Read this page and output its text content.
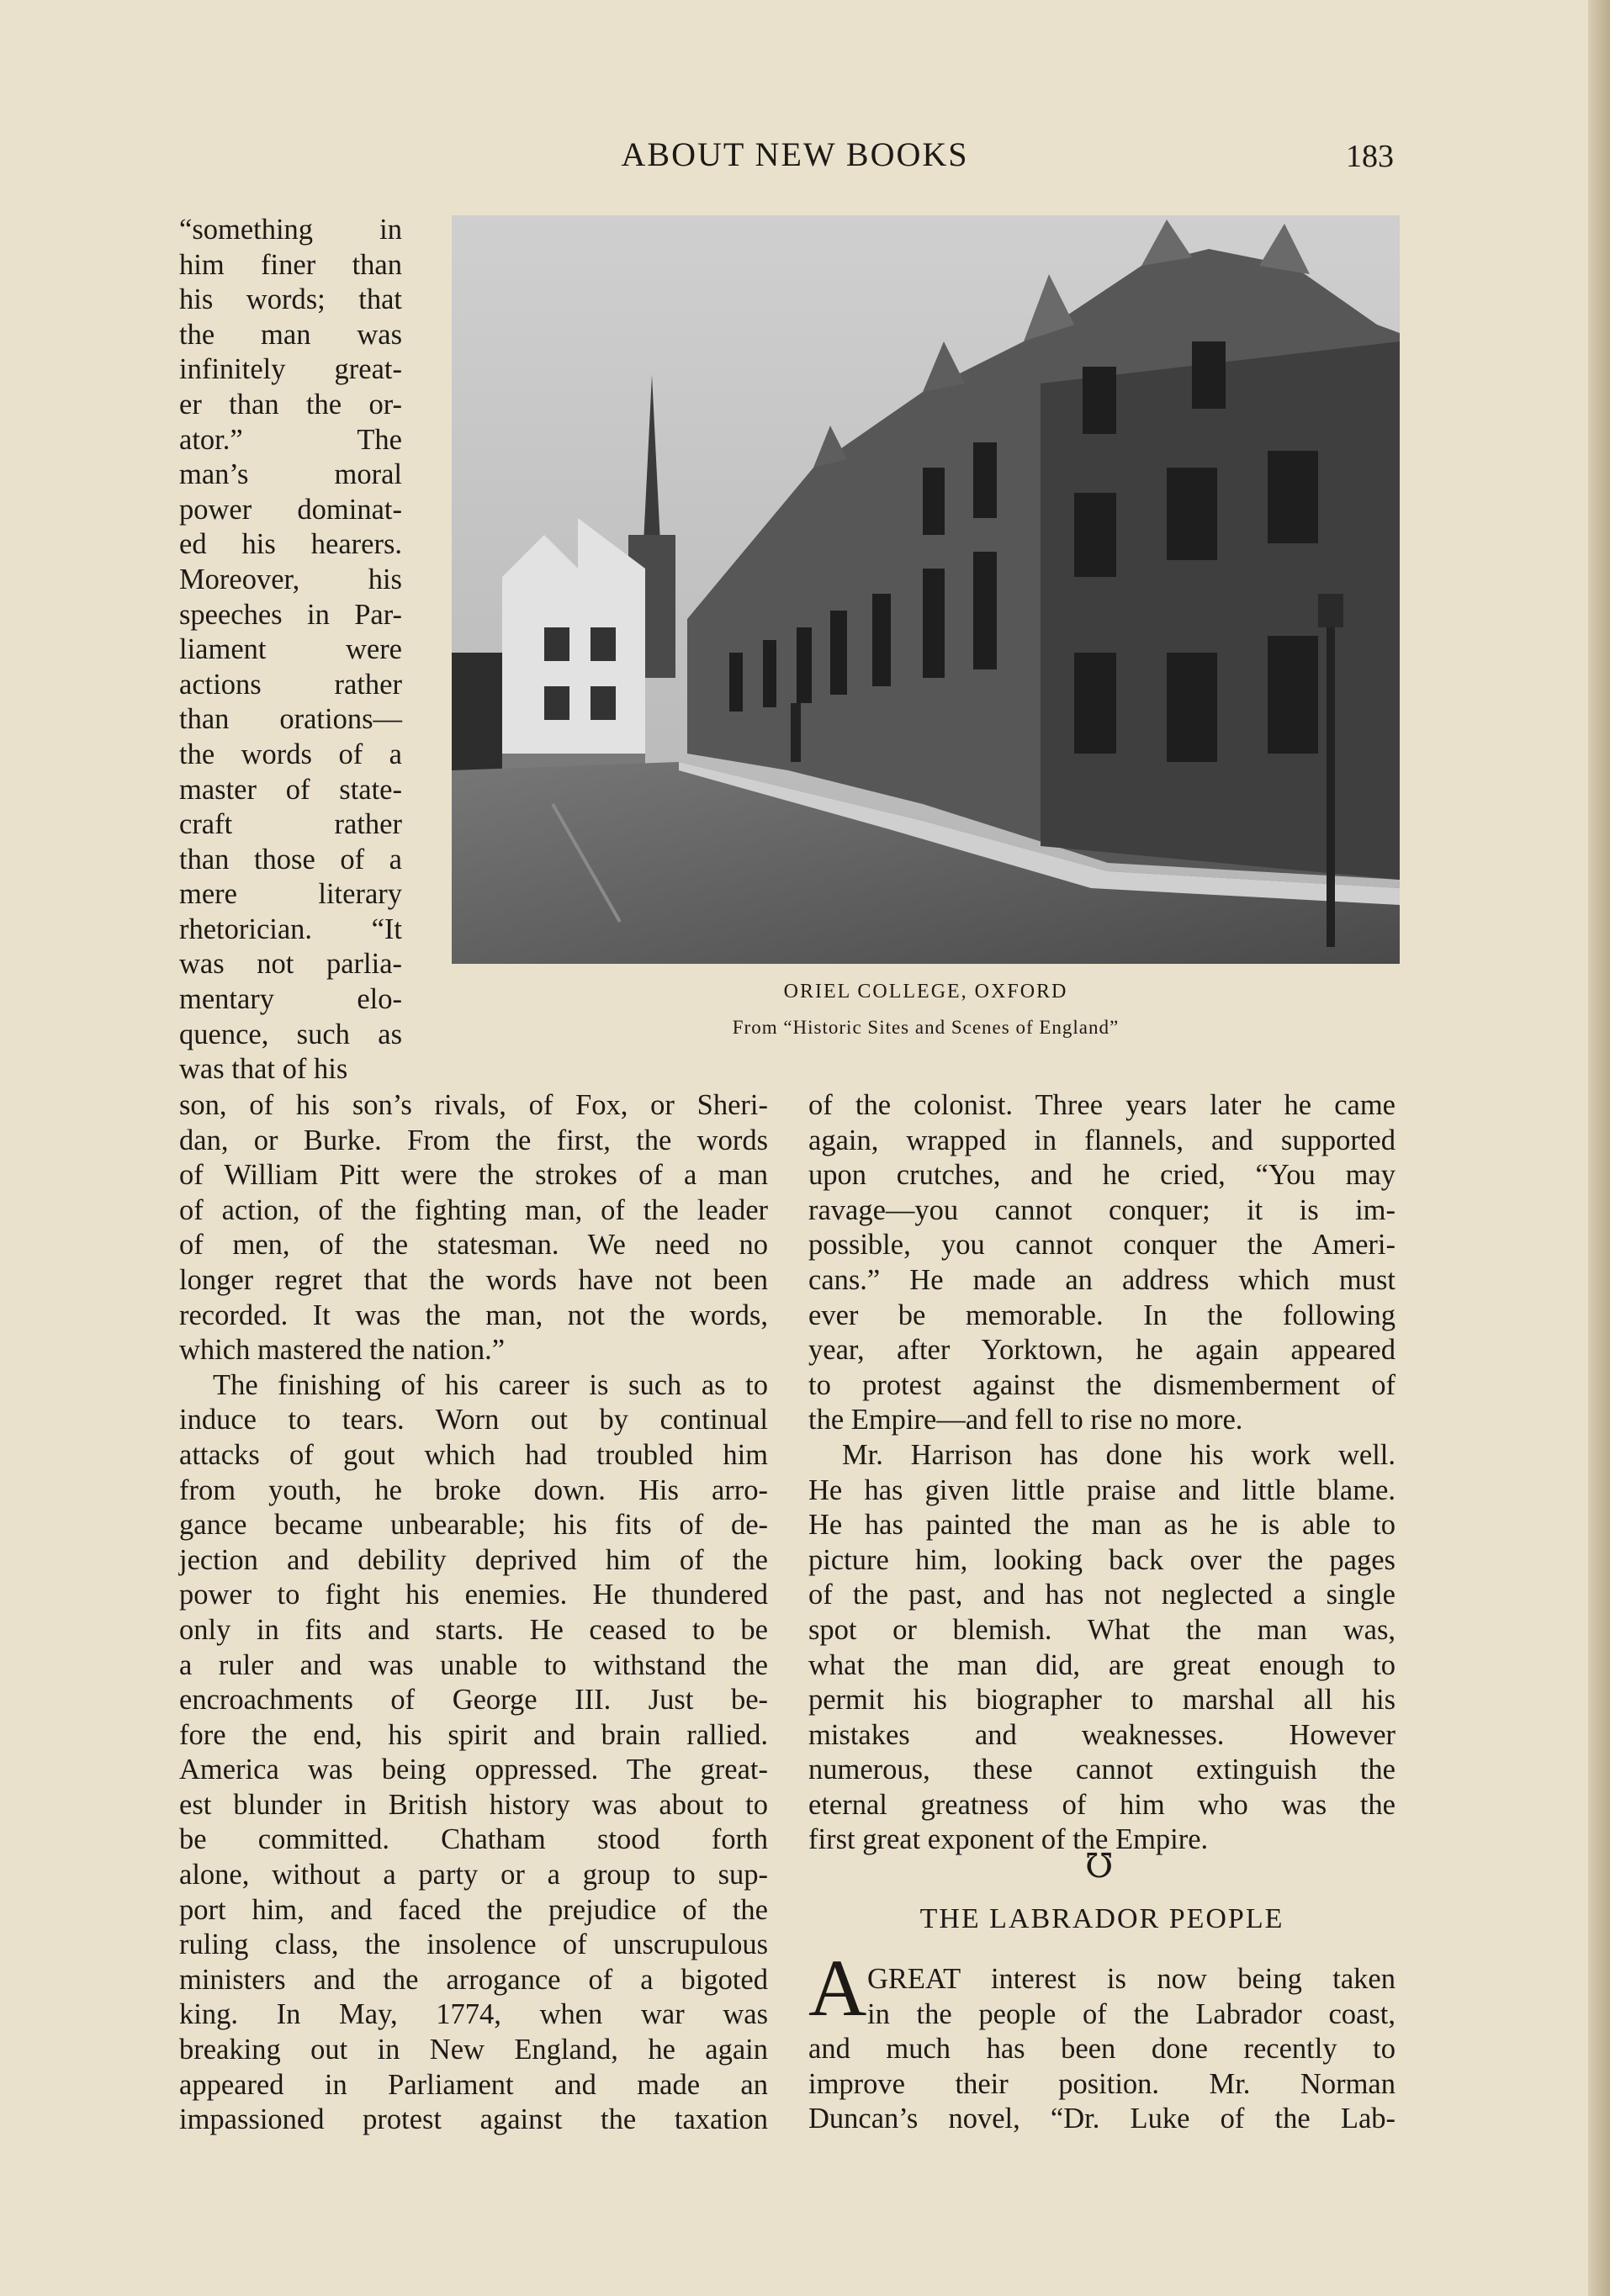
ABOUT NEW BOOKS	183
“something in
him finer than
his words; that
the man was
infinitely great-
er than the or-
ator.” The
man’s moral
power dominat-
ed his hearers.
Moreover, his
speeches in Par-
liament were
actions rather
than orations—
the words of a
master of state-
craft rather
than those of a
mere literary
rhetorician. “It
was not parlia-
mentary elo-
quence, such as
was that of his
ORIEL COLLEGE, OXFORD
From “Historic Sites and Scenes of England”
son, of his son’s rivals, of Fox, or Sheri-
dan, or Burke. From the first, the words
of William Pitt were the strokes of a man
of action, of the fighting man, of the leader
of men, of the statesman. We need no
longer regret that the words have not been
recorded. It was the man, not the words,
which mastered the nation.”
The finishing of his career is such as to
induce to tears. Worn out by continual
attacks of gout which had troubled him
from youth, he broke down. His arro-
gance became unbearable; his fits of de-
jection and debility deprived him of the
power to fight his enemies. He thundered
only in fits and starts. He ceased to be
a ruler and was unable to withstand the
encroachments of George III. Just be-
fore the end, his spirit and brain rallied.
America was being oppressed. The great-
est blunder in British history was about to
be committed. Chatham stood forth
alone, without a party or a group to sup-
port him, and faced the prejudice of the
ruling class, the insolence of unscrupulous
ministers and the arrogance of a bigoted
king. In May, 1774, when war was
breaking out in New England, he again
appeared in Parliament and made an
impassioned protest against the taxation
of the colonist. Three years later he came
again, wrapped in flannels, and supported
upon crutches, and he cried, “You may
ravage—you cannot conquer; it is im-
possible, you cannot conquer the Ameri-
cans.” He made an address which must
ever be memorable. In the following
year, after Yorktown, he again appeared
to protest against the dismemberment of
the Empire—and fell to rise no more.
Mr. Harrison has done his work well.
He has given little praise and little blame.
He has painted the man as he is able to
picture him, looking back over the pages
of the past, and has not neglected a single
spot or blemish. What the man was,
what the man did, are great enough to
permit his biographer to marshal all his
mistakes and weaknesses. However
numerous, these cannot extinguish the
eternal greatness of him who was the
first great exponent of the Empire.
℧
THE LABRADOR PEOPLE
A GREAT interest is now being taken
in the people of the Labrador coast,
and much has been done recently to
improve their position. Mr. Norman
Duncan’s novel, “Dr. Luke of the Lab-
